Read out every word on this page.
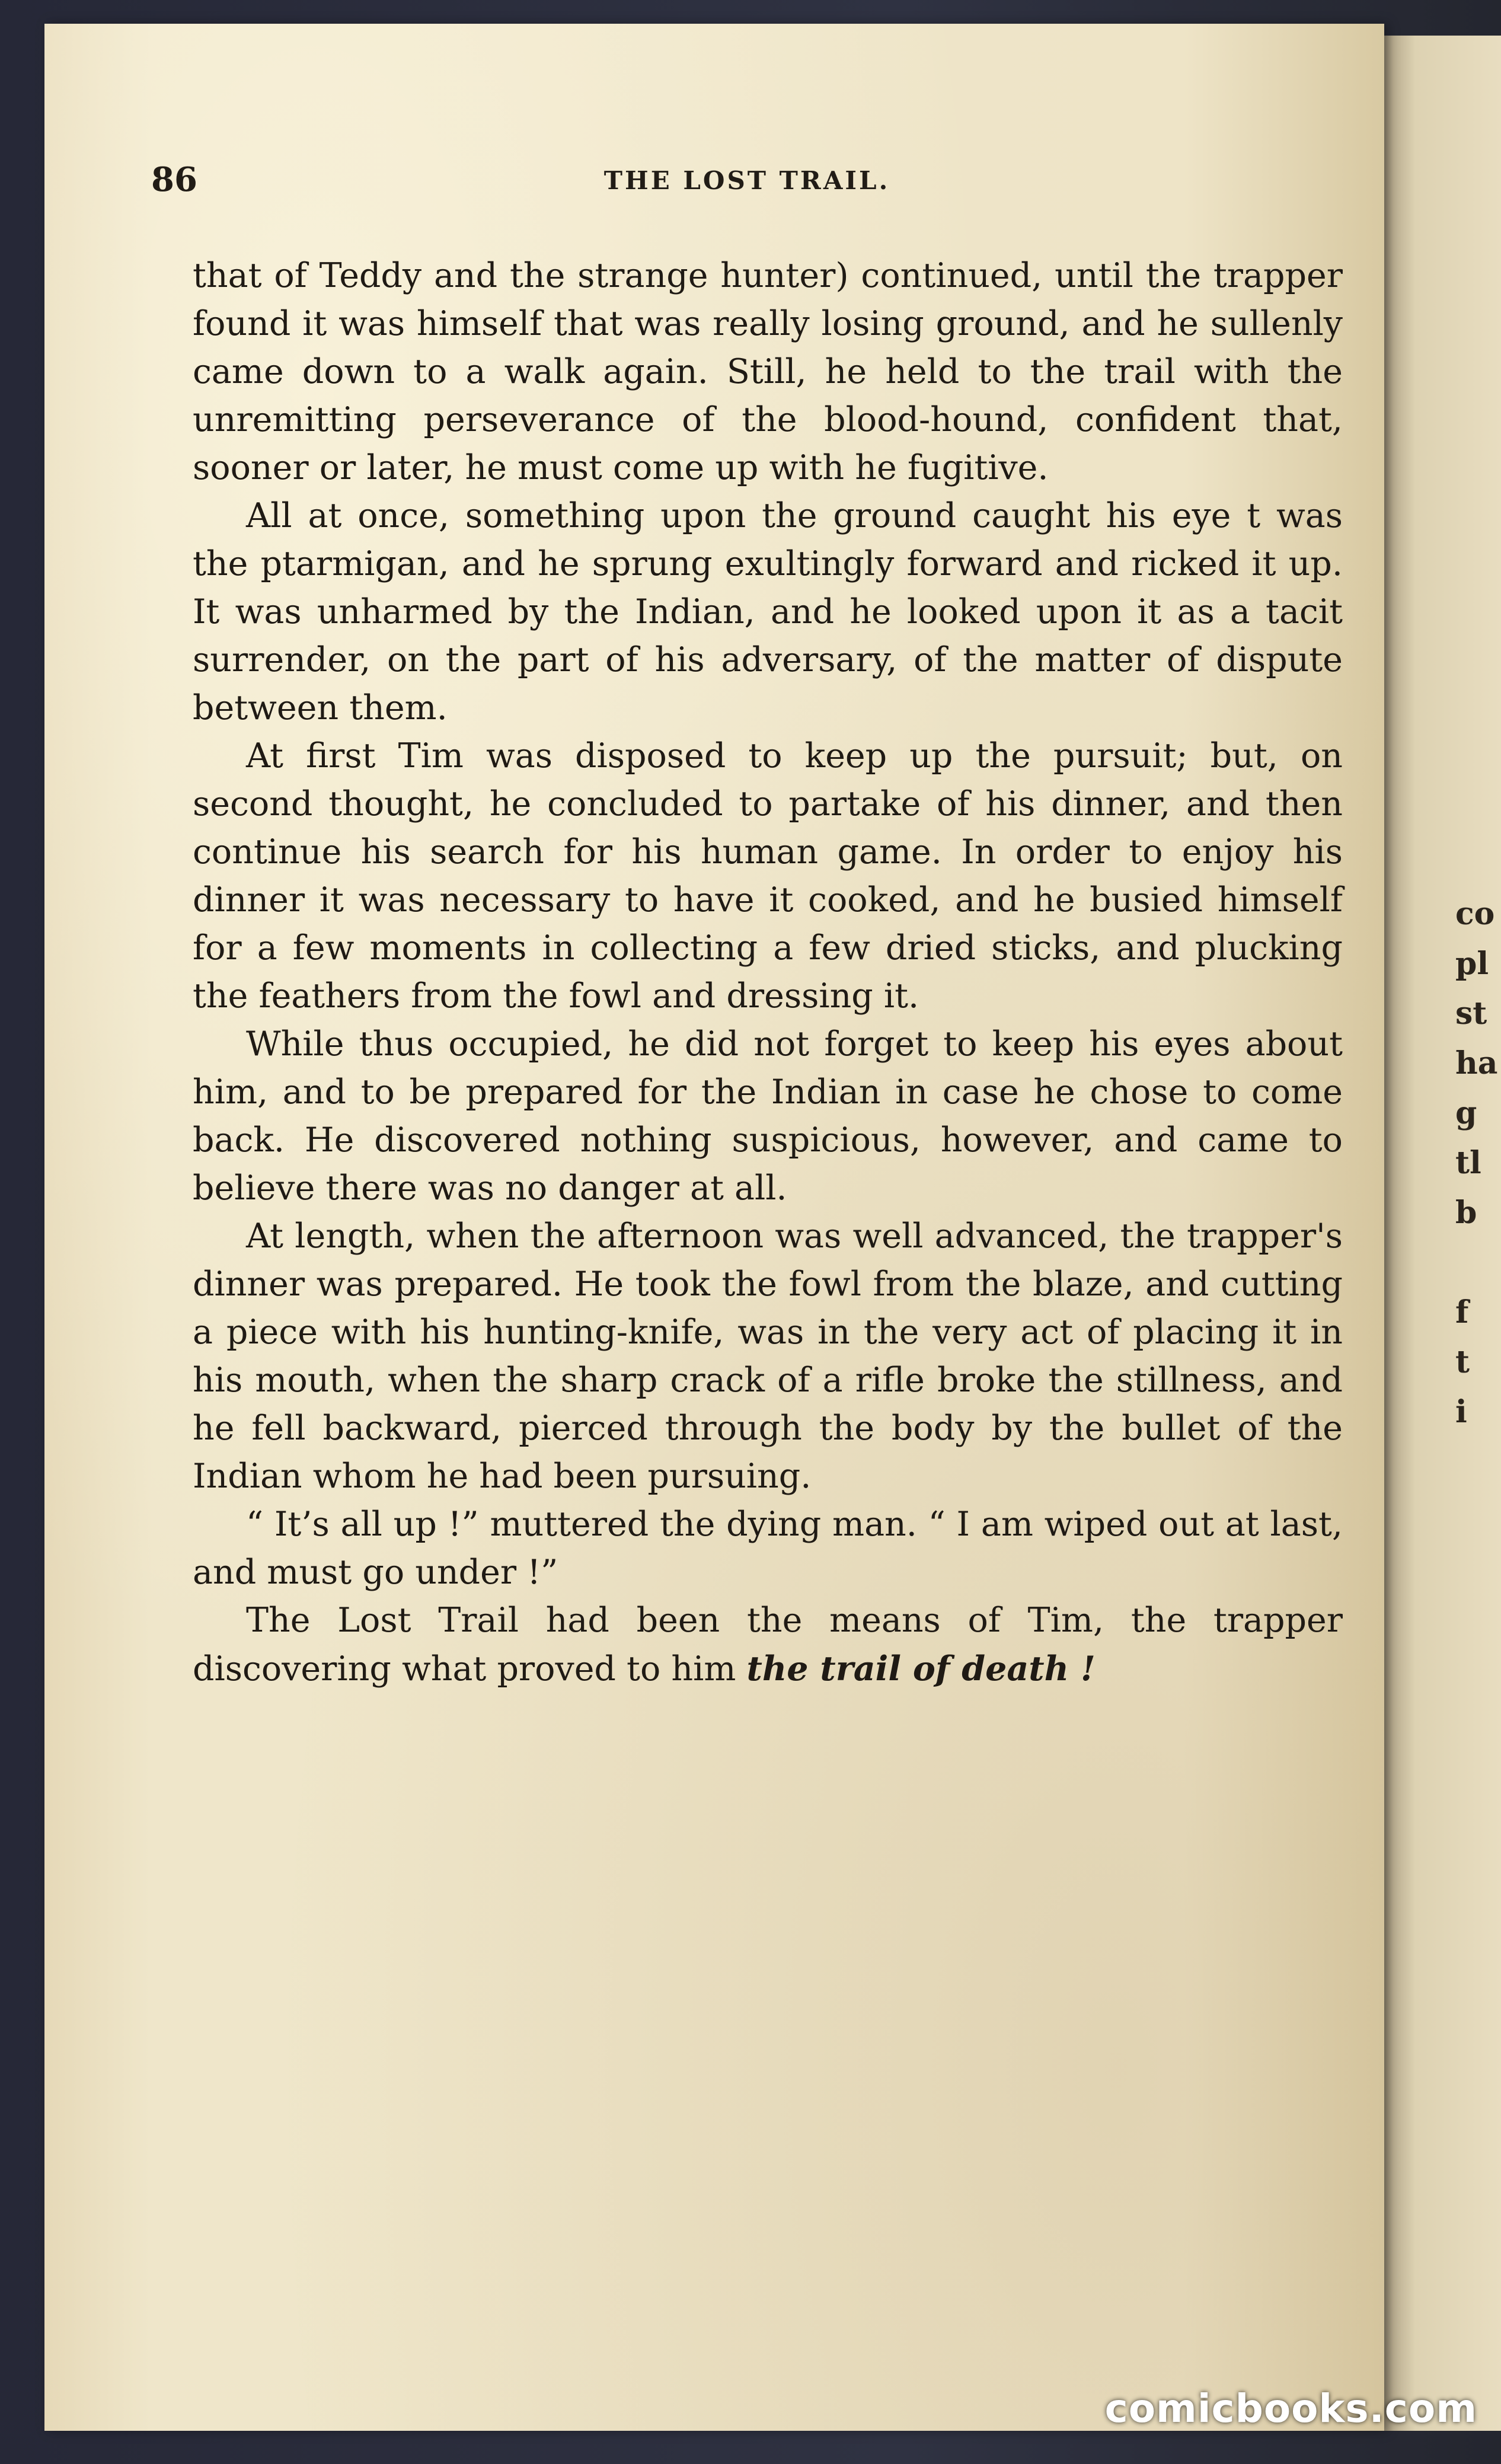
co
pl
st
ha
g
tl
b
f
t
i
86	THE LOST TRAIL.

that of Teddy and the strange hunter) continued, until the trapper found it was himself that was really losing ground, and he sullenly came down to a walk again. Still, he held to the trail with the unremitting perseverance of the blood-hound, confident that, sooner or later, he must come up with he fugitive.

All at once, something upon the ground caught his eye t was the ptarmigan, and he sprung exultingly forward and ricked it up. It was unharmed by the Indian, and he looked upon it as a tacit surrender, on the part of his adversary, of the matter of dispute between them.

At first Tim was disposed to keep up the pursuit; but, on second thought, he concluded to partake of his dinner, and then continue his search for his human game. In order to enjoy his dinner it was necessary to have it cooked, and he busied himself for a few moments in collecting a few dried sticks, and plucking the feathers from the fowl and dressing it.

While thus occupied, he did not forget to keep his eyes about him, and to be prepared for the Indian in case he chose to come back. He discovered nothing suspicious, however, and came to believe there was no danger at all.

At length, when the afternoon was well advanced, the trapper's dinner was prepared. He took the fowl from the blaze, and cutting a piece with his hunting-knife, was in the very act of placing it in his mouth, when the sharp crack of a rifle broke the stillness, and he fell backward, pierced through the body by the bullet of the Indian whom he had been pursuing.

“ It’s all up !” muttered the dying man. “ I am wiped out at last, and must go under !”

The Lost Trail had been the means of Tim, the trapper discovering what proved to him the trail of death !

comicbooks.com
